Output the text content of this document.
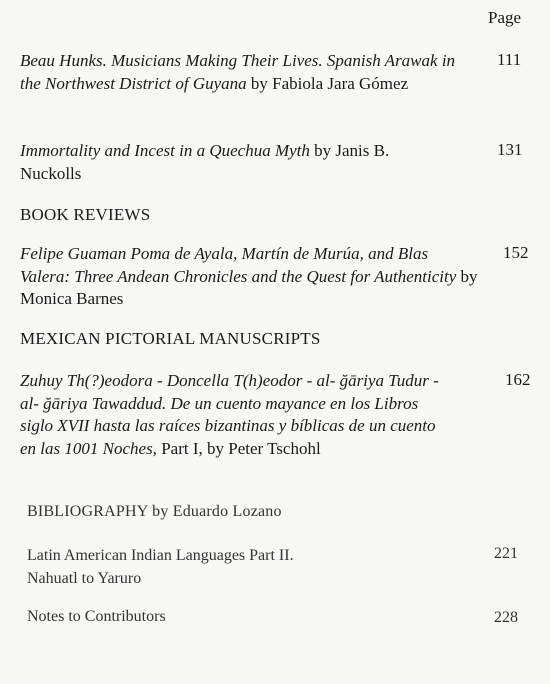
Page
Beau Hunks. Musicians Making Their Lives. Spanish Arawak in the Northwest District of Guyana by Fabiola Jara Gómez
111
Immortality and Incest in a Quechua Myth by Janis B. Nuckolls
131
BOOK REVIEWS
Felipe Guaman Poma de Ayala, Martín de Murúa, and Blas Valera: Three Andean Chronicles and the Quest for Authenticity by Monica Barnes
152
MEXICAN PICTORIAL MANUSCRIPTS
Zuhuy Th(?)eodora - Doncella T(h)eodor - al- ğāriya Tudur - al- ğāriya Tawaddud. De un cuento mayance en los Libros siglo XVII hasta las raíces bizantinas y bíblicas de un cuento en las 1001 Noches, Part I, by Peter Tschohl
162
BIBLIOGRAPHY by Eduardo Lozano
Latin American Indian Languages Part II. Nahuatl to Yaruro
221
Notes to Contributors	228
